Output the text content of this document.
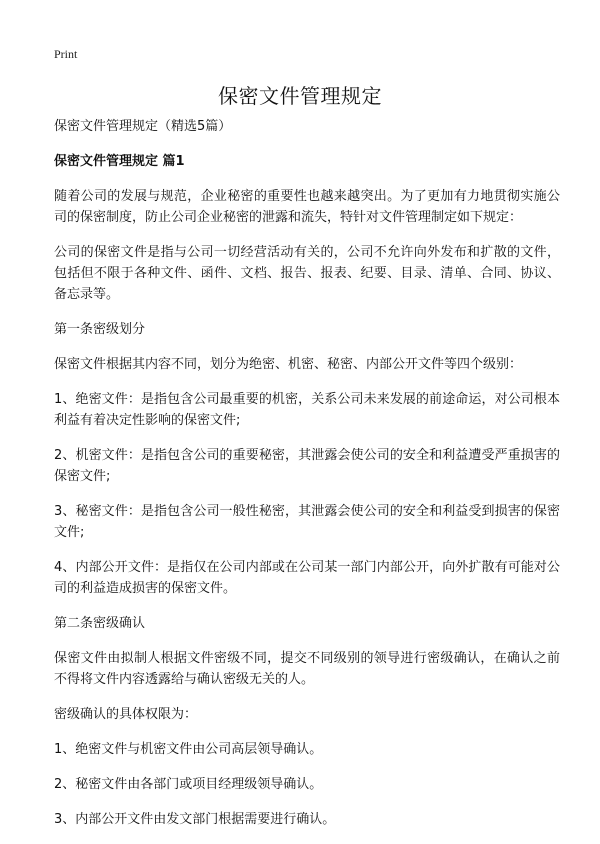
Print
保密文件管理规定

保密文件管理规定（精选5篇）

保密文件管理规定 篇1

随着公司的发展与规范，企业秘密的重要性也越来越突出。为了更加有力地贯彻实施公司的保密制度，防止公司企业秘密的泄露和流失，特针对文件管理制定如下规定：

公司的保密文件是指与公司一切经营活动有关的，公司不允许向外发布和扩散的文件，包括但不限于各种文件、函件、文档、报告、报表、纪要、目录、清单、合同、协议、备忘录等。

第一条密级划分

保密文件根据其内容不同，划分为绝密、机密、秘密、内部公开文件等四个级别：

1、绝密文件：是指包含公司最重要的机密，关系公司未来发展的前途命运，对公司根本利益有着决定性影响的保密文件;

2、机密文件：是指包含公司的重要秘密，其泄露会使公司的安全和利益遭受严重损害的保密文件;

3、秘密文件：是指包含公司一般性秘密，其泄露会使公司的安全和利益受到损害的保密文件;

4、内部公开文件：是指仅在公司内部或在公司某一部门内部公开，向外扩散有可能对公司的利益造成损害的保密文件。

第二条密级确认

保密文件由拟制人根据文件密级不同，提交不同级别的领导进行密级确认，在确认之前不得将文件内容透露给与确认密级无关的人。

密级确认的具体权限为：

1、绝密文件与机密文件由公司高层领导确认。

2、秘密文件由各部门或项目经理级领导确认。

3、内部公开文件由发文部门根据需要进行确认。
